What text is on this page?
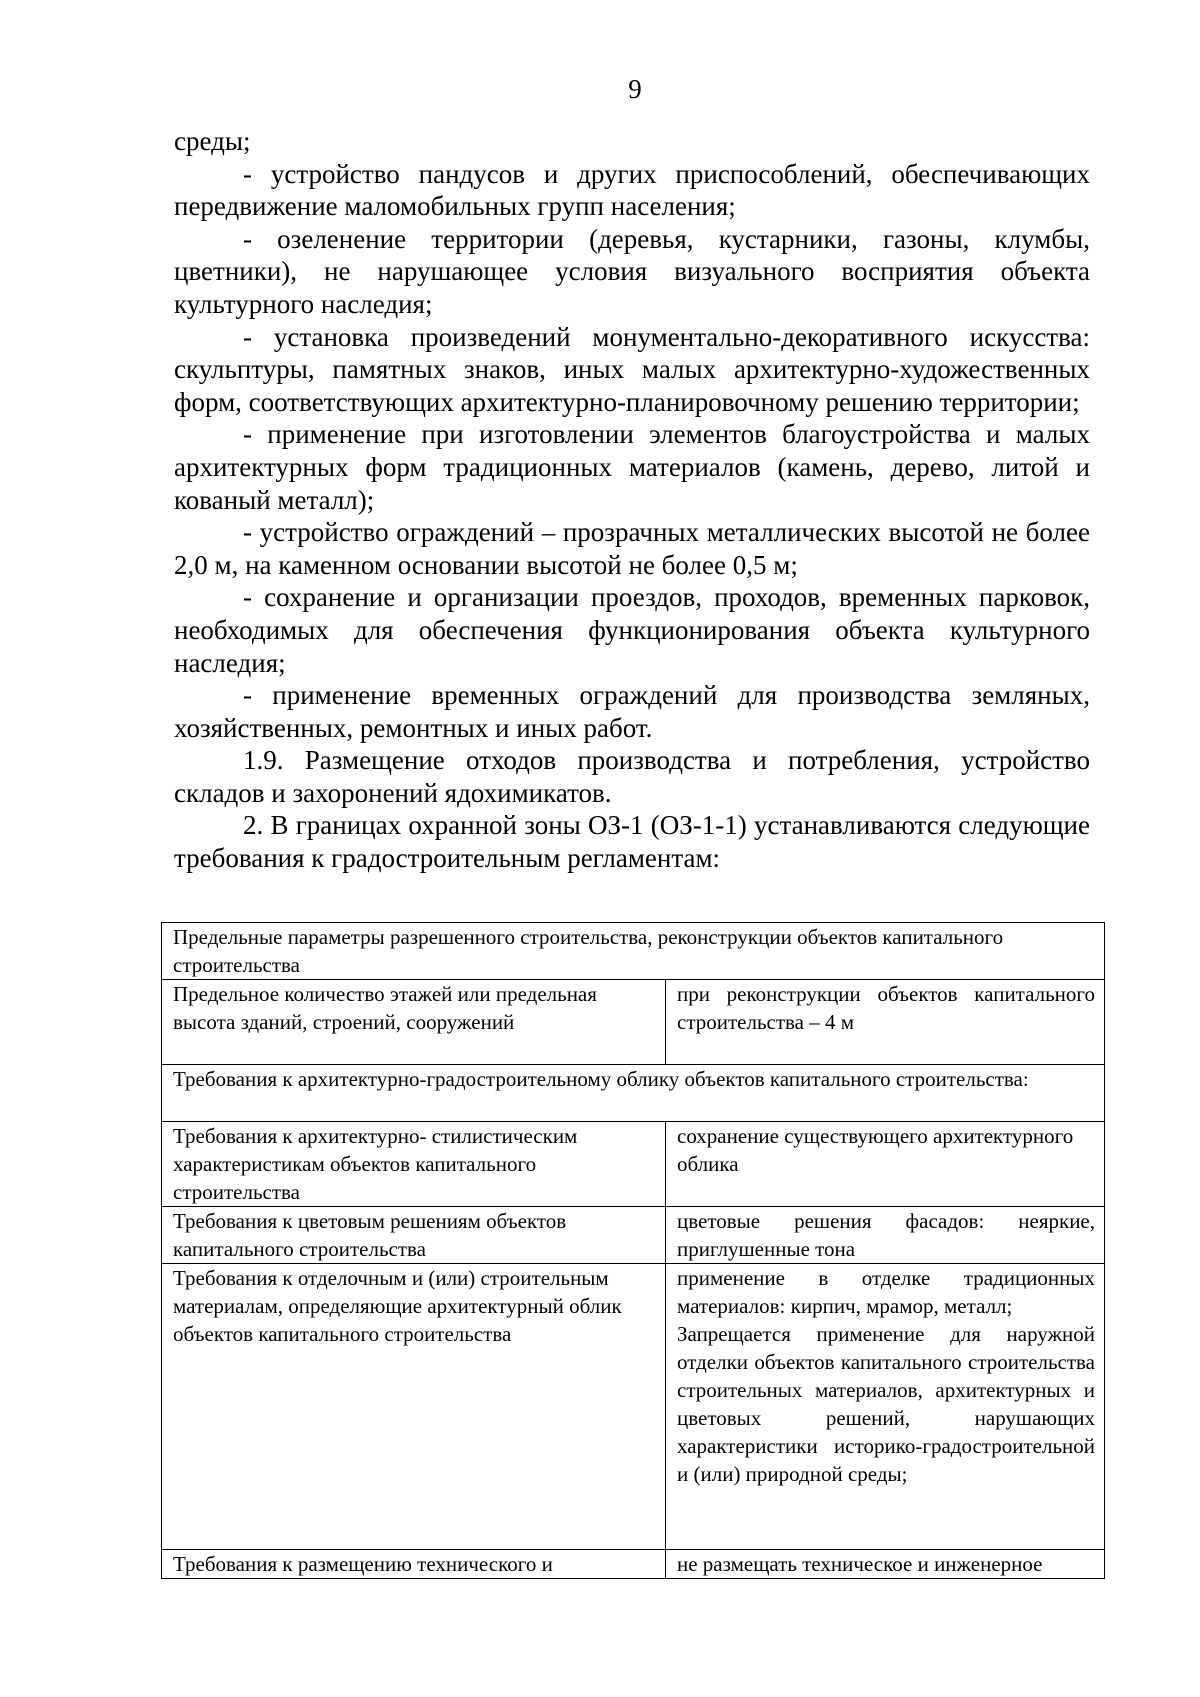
9

среды;

- устройство пандусов и других приспособлений, обеспечивающих передвижение маломобильных групп населения;

- озеленение территории (деревья, кустарники, газоны, клумбы, цветники), не нарушающее условия визуального восприятия объекта культурного наследия;

- установка произведений монументально-декоративного искусства: скульптуры, памятных знаков, иных малых архитектурно-художественных форм, соответствующих архитектурно-планировочному решению территории;

- применение при изготовлении элементов благоустройства и малых архитектурных форм традиционных материалов (камень, дерево, литой и кованый металл);

- устройство ограждений – прозрачных металлических высотой не более 2,0 м, на каменном основании высотой не более 0,5 м;

- сохранение и организации проездов, проходов, временных парковок, необходимых для обеспечения функционирования объекта культурного наследия;

- применение временных ограждений для производства земляных, хозяйственных, ремонтных и иных работ.

1.9. Размещение отходов производства и потребления, устройство складов и захоронений ядохимикатов.

2. В границах охранной зоны ОЗ-1 (ОЗ-1-1) устанавливаются следующие требования к градостроительным регламентам:

Предельные параметры разрешенного строительства, реконструкции объектов капитального строительства	
Предельное количество этажей или предельная высота зданий, строений, сооружений	при реконструкции объектов капитального строительства – 4 м
Требования к архитектурно-градостроительному облику объектов капитального строительства:	
Требования к архитектурно- стилистическим характеристикам объектов капитального строительства	сохранение существующего архитектурного облика
Требования к цветовым решениям объектов капитального строительства	цветовые решения фасадов: неяркие, приглушенные тона
Требования к отделочным и (или) строительным материалам, определяющие архитектурный облик объектов капитального строительства	применение в отделке традиционных материалов: кирпич, мрамор, металл;
Запрещается применение для наружной отделки объектов капитального строительства строительных материалов, архитектурных и цветовых решений, нарушающих характеристики историко-градостроительной и (или) природной среды;

Требования к размещению технического и	не размещать техническое и инженерное
